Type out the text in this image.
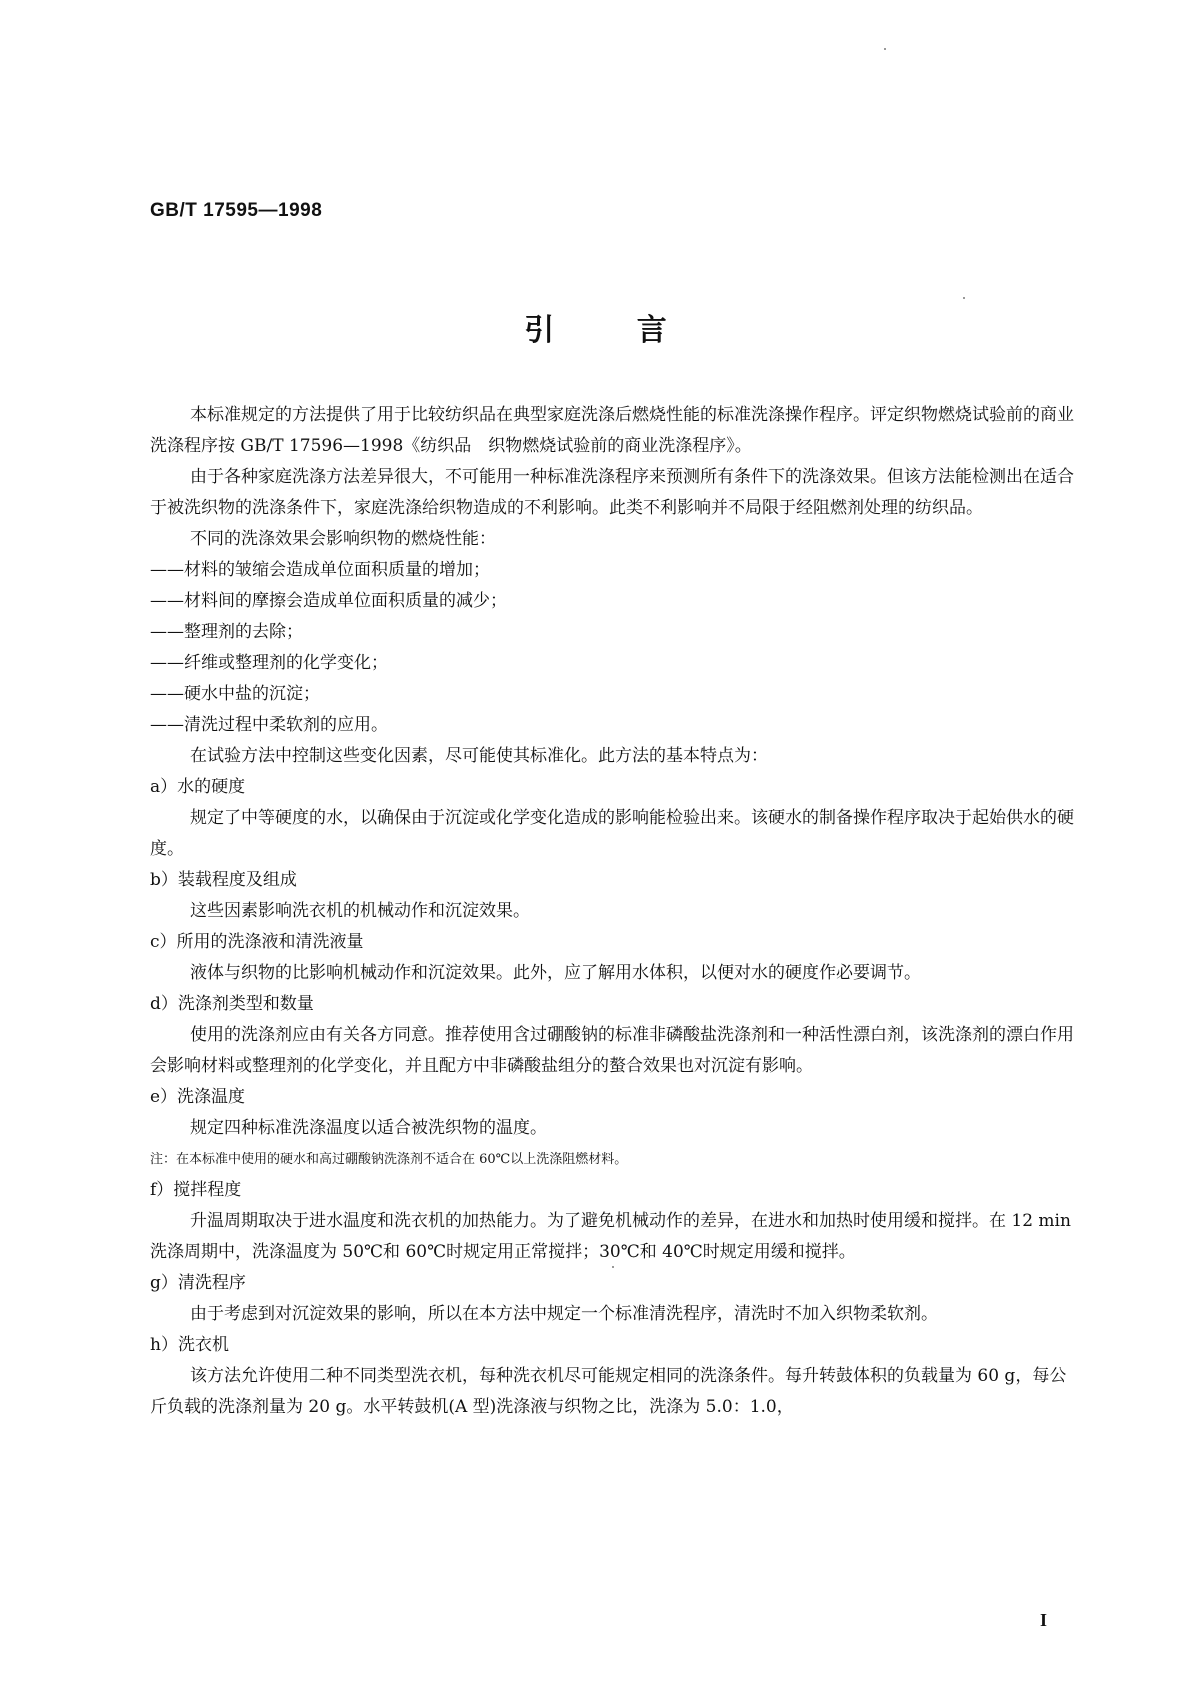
GB/T 17595—1998
引 言

本标准规定的方法提供了用于比较纺织品在典型家庭洗涤后燃烧性能的标准洗涤操作程序。评定织物燃烧试验前的商业洗涤程序按 GB/T 17596—1998《纺织品　织物燃烧试验前的商业洗涤程序》。

由于各种家庭洗涤方法差异很大，不可能用一种标准洗涤程序来预测所有条件下的洗涤效果。但该方法能检测出在适合于被洗织物的洗涤条件下，家庭洗涤给织物造成的不利影响。此类不利影响并不局限于经阻燃剂处理的纺织品。

不同的洗涤效果会影响织物的燃烧性能：

——材料的皱缩会造成单位面积质量的增加；

——材料间的摩擦会造成单位面积质量的减少；

——整理剂的去除；

——纤维或整理剂的化学变化；

——硬水中盐的沉淀；

——清洗过程中柔软剂的应用。

在试验方法中控制这些变化因素，尽可能使其标准化。此方法的基本特点为：

a）水的硬度

规定了中等硬度的水，以确保由于沉淀或化学变化造成的影响能检验出来。该硬水的制备操作程序取决于起始供水的硬度。

b）装载程度及组成

这些因素影响洗衣机的机械动作和沉淀效果。

c）所用的洗涤液和清洗液量

液体与织物的比影响机械动作和沉淀效果。此外，应了解用水体积，以便对水的硬度作必要调节。

d）洗涤剂类型和数量

使用的洗涤剂应由有关各方同意。推荐使用含过硼酸钠的标准非磷酸盐洗涤剂和一种活性漂白剂，该洗涤剂的漂白作用会影响材料或整理剂的化学变化，并且配方中非磷酸盐组分的螯合效果也对沉淀有影响。

e）洗涤温度

规定四种标准洗涤温度以适合被洗织物的温度。

注：在本标准中使用的硬水和高过硼酸钠洗涤剂不适合在 60℃以上洗涤阻燃材料。

f）搅拌程度

升温周期取决于进水温度和洗衣机的加热能力。为了避免机械动作的差异，在进水和加热时使用缓和搅拌。在 12 min 洗涤周期中，洗涤温度为 50℃和 60℃时规定用正常搅拌；30℃和 40℃时规定用缓和搅拌。

g）清洗程序

由于考虑到对沉淀效果的影响，所以在本方法中规定一个标准清洗程序，清洗时不加入织物柔软剂。

h）洗衣机

该方法允许使用二种不同类型洗衣机，每种洗衣机尽可能规定相同的洗涤条件。每升转鼓体积的负载量为 60 g，每公斤负载的洗涤剂量为 20 g。水平转鼓机(A 型)洗涤液与织物之比，洗涤为 5.0：1.0，

I
